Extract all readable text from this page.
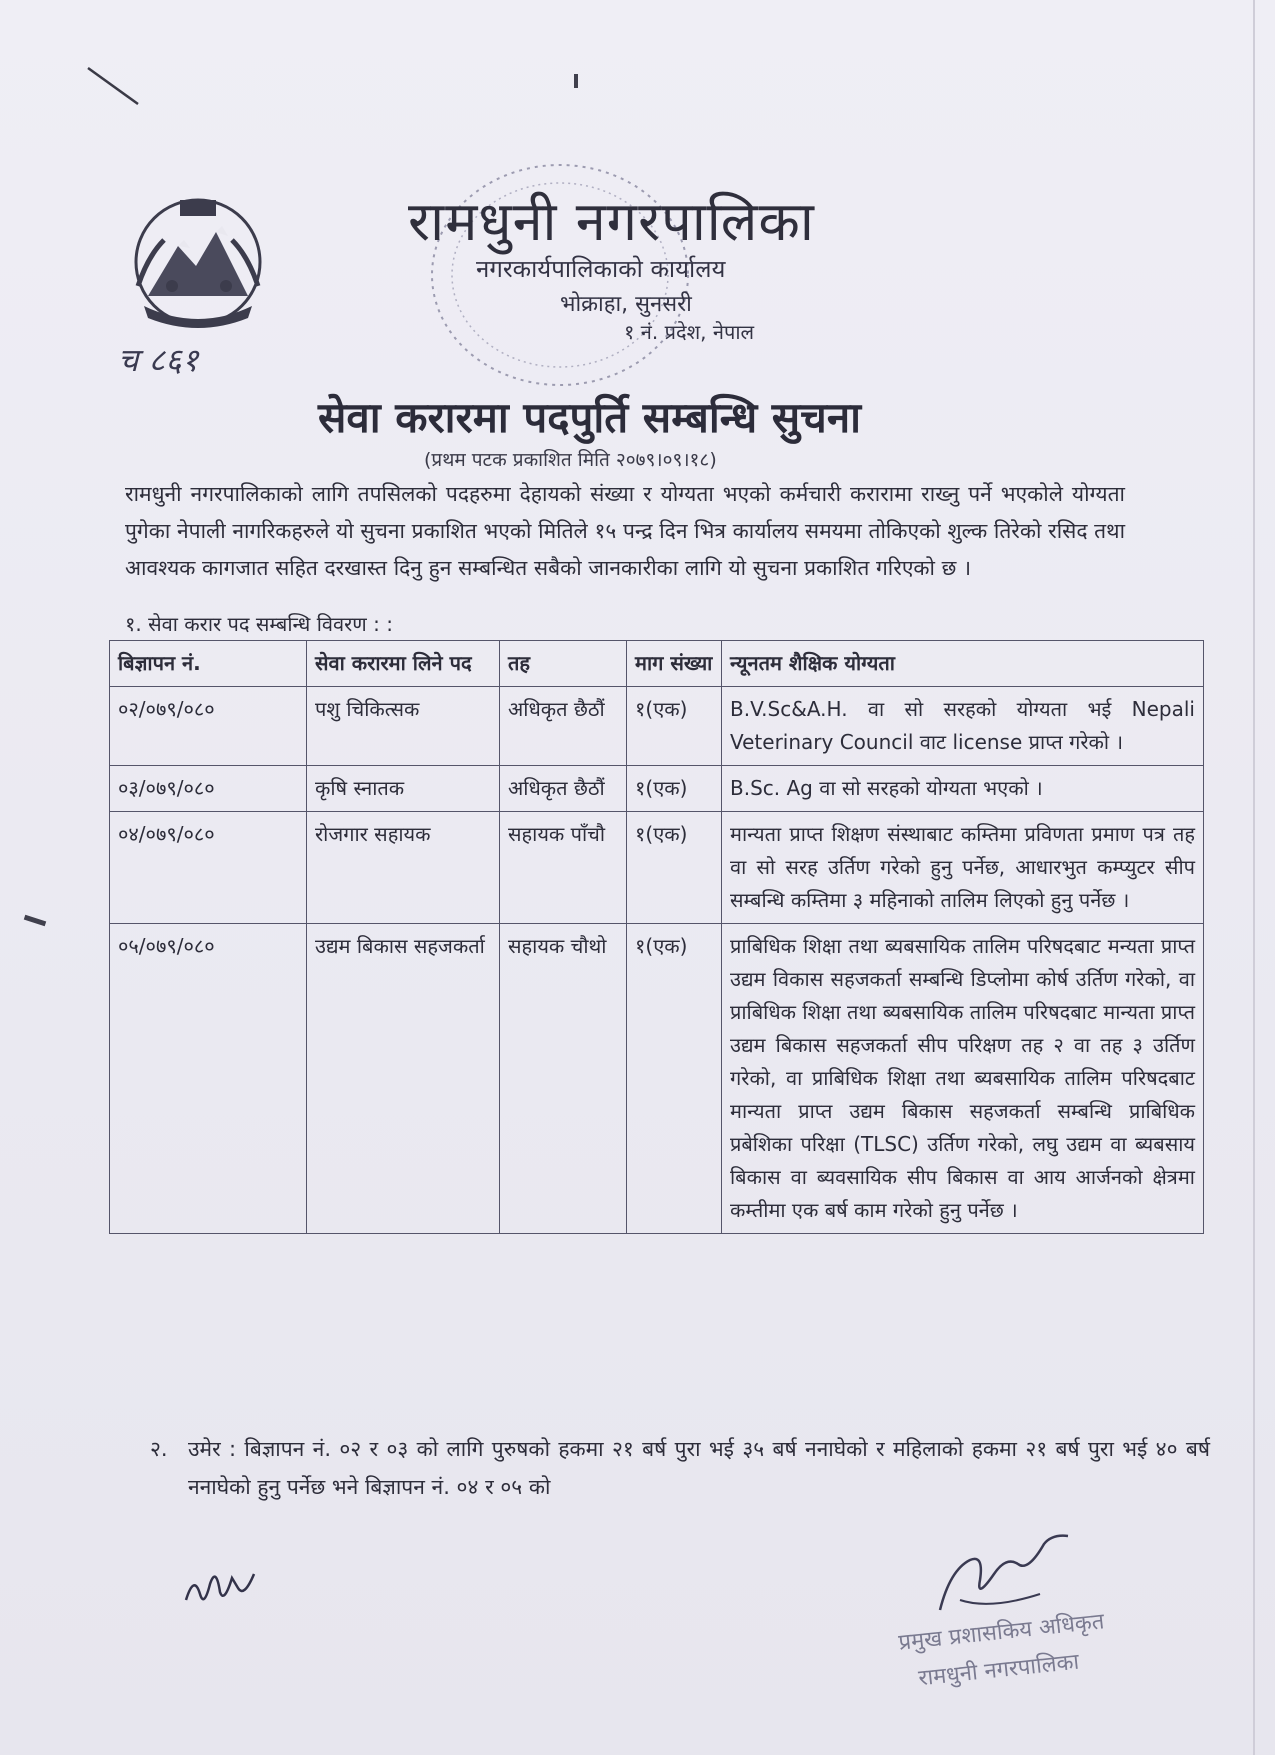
च ८६१
रामधुनी नगरपालिका
नगरकार्यपालिकाको कार्यालय
भोक्राहा, सुनसरी
१ नं. प्रदेश, नेपाल
सेवा करारमा पदपुर्ति सम्बन्धि सुचना
(प्रथम पटक प्रकाशित मिति २०७९।०९।१८)
रामधुनी नगरपालिकाको लागि तपसिलको पदहरुमा देहायको संख्या र योग्यता भएको कर्मचारी करारामा राख्नु पर्ने भएकोले योग्यता पुगेका नेपाली नागरिकहरुले यो सुचना प्रकाशित भएको मितिले १५ पन्द्र दिन भित्र कार्यालय समयमा तोकिएको शुल्क तिरेको रसिद तथा आवश्यक कागजात सहित दरखास्त दिनु हुन सम्बन्धित सबैको जानकारीका लागि यो सुचना प्रकाशित गरिएको छ ।
१. सेवा करार पद सम्बन्धि विवरण : :
बिज्ञापन नं.	सेवा करारमा लिने पद	तह	माग संख्या	न्यूनतम शैक्षिक योग्यता
०२/०७९/०८०	पशु चिकित्सक	अधिकृत छैठौं	१(एक)	B.V.Sc&A.H. वा सो सरहको योग्यता भई Nepali Veterinary Council वाट license प्राप्त गरेको ।
०३/०७९/०८०	कृषि स्नातक	अधिकृत छैठौं	१(एक)	B.Sc. Ag वा सो सरहको योग्यता भएको ।
०४/०७९/०८०	रोजगार सहायक	सहायक पाँचौ	१(एक)	मान्यता प्राप्त शिक्षण संस्थाबाट कम्तिमा प्रविणता प्रमाण पत्र तह वा सो सरह उर्तिण गरेको हुनु पर्नेछ, आधारभुत कम्प्युटर सीप सम्बन्धि कम्तिमा ३ महिनाको तालिम लिएको हुनु पर्नेछ ।
०५/०७९/०८०	उद्यम बिकास सहजकर्ता	सहायक चौथो	१(एक)	प्राबिधिक शिक्षा तथा ब्यबसायिक तालिम परिषदबाट मन्यता प्राप्त उद्यम विकास सहजकर्ता सम्बन्धि डिप्लोमा कोर्ष उर्तिण गरेको, वा प्राबिधिक शिक्षा तथा ब्यबसायिक तालिम परिषदबाट मान्यता प्राप्त उद्यम बिकास सहजकर्ता सीप परिक्षण तह २ वा तह ३ उर्तिण गरेको, वा प्राबिधिक शिक्षा तथा ब्यबसायिक तालिम परिषदबाट मान्यता प्राप्त उद्यम बिकास सहजकर्ता सम्बन्धि प्राबिधिक प्रबेशिका परिक्षा (TLSC) उर्तिण गरेको, लघु उद्यम वा ब्यबसाय बिकास वा ब्यवसायिक सीप बिकास वा आय आर्जनको क्षेत्रमा कम्तीमा एक बर्ष काम गरेको हुनु पर्नेछ ।
२. उमेर : बिज्ञापन नं. ०२ र ०३ को लागि पुरुषको हकमा २१ बर्ष पुरा भई ३५ बर्ष ननाघेको र महिलाको हकमा २१ बर्ष पुरा भई ४० बर्ष ननाघेको हुनु पर्नेछ भने बिज्ञापन नं. ०४ र ०५ को
प्रमुख प्रशासकिय अधिकृत
रामधुनी नगरपालिका
